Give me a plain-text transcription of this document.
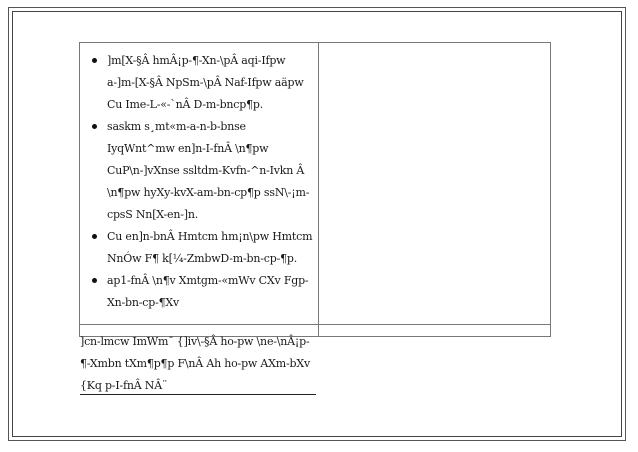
]m[X-§Â hmÂ¡p-¶-Xn-\pÂ aqi-Ifpw a-]m-[X-§Â NpSm-\pÂ Naf-Ifpw aäpw Cu Ime-L-«-`nÂ D-m-bncp¶p.
saskm s¸mt«m-a-n-b-bnse IyqWnt^mw en]n-I-fnÂ \n¶pw CuP\n-]vXnse ssltdm-Kvfn-^n-Ivkn Â \n¶pw hyXy-kvX-am-bn-cp¶p ssN\-¡m-cpsS Nn[X-en-]n.
Cu en]n-bnÂ Hmtcm hm¡n\pw Hmtcm NnÓw F¶ k[¼-ZmbwD-m-bn-cp-¶p.
ap1-fnÂ \n¶v Xmtgm-«mWv CXv Fgp-Xn-bn-cp-¶Xv
]cn-lmcw ImWm¯ {]iv\-§Â ho-pw \ne-\nÂ¡p-¶-Xmbn tXm¶p¶p F\nÂ Ah ho-pw AXm-bXv {Kq p-I-fnÂ NÂ¨
